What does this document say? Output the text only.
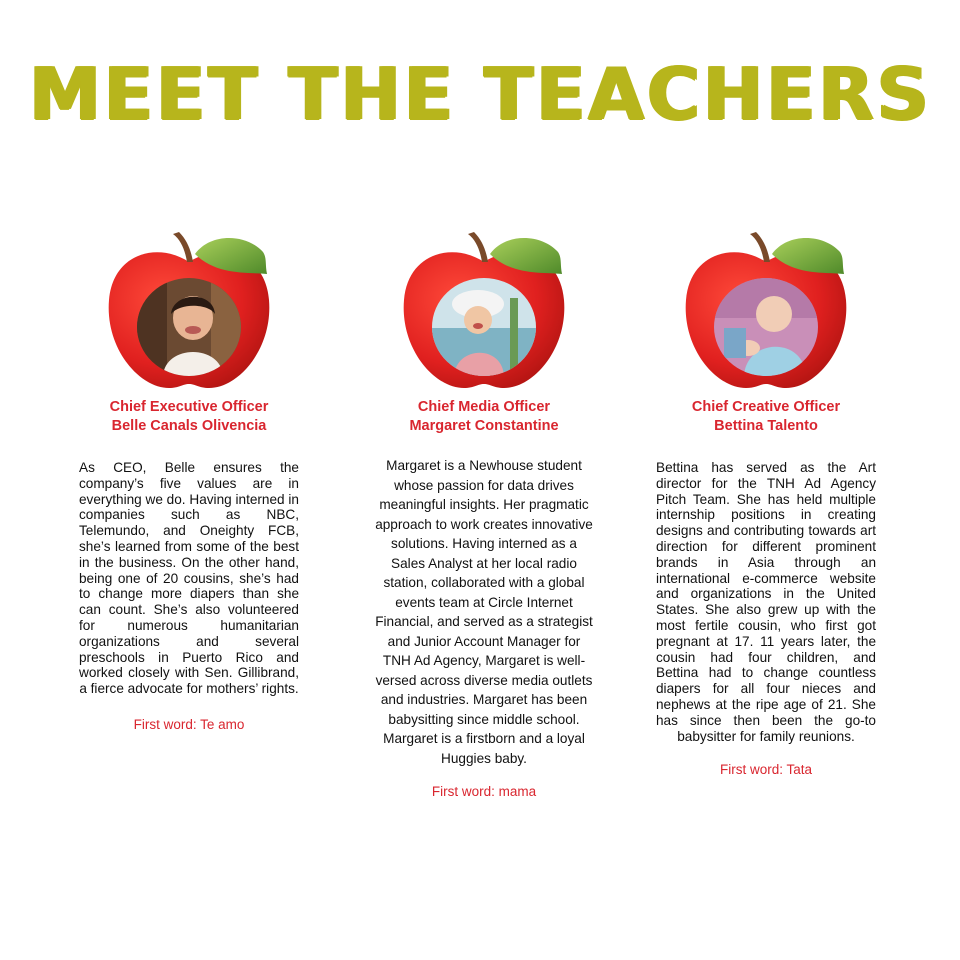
MEET THE TEACHERS
Chief Executive Officer
Belle Canals Olivencia

As CEO, Belle ensures the company’s five values are in everything we do. Having interned in companies such as NBC, Telemundo, and Oneighty FCB, she’s learned from some of the best in the business. On the other hand, being one of 20 cousins, she’s had to change more diapers than she can count. She’s also volunteered for numerous humanitarian organizations and several preschools in Puerto Rico and worked closely with Sen. Gillibrand, a fierce advocate for mothers’ rights.

First word: Te amo
Chief Media Officer
Margaret Constantine

Margaret is a Newhouse student whose passion for data drives meaningful insights. Her pragmatic approach to work creates innovative solutions. Having interned as a Sales Analyst at her local radio station, collaborated with a global events team at Circle Internet Financial, and served as a strategist and Junior Account Manager for TNH Ad Agency, Margaret is well-versed across diverse media outlets and industries. Margaret has been babysitting since middle school. Margaret is a firstborn and a loyal Huggies baby.

First word: mama
Chief Creative Officer
Bettina Talento

Bettina has served as the Art director for the TNH Ad Agency Pitch Team. She has held multiple internship positions in creating designs and contributing towards art direction for different prominent brands in Asia through an international e-commerce website and organizations in the United States. She also grew up with the most fertile cousin, who first got pregnant at 17. 11 years later, the cousin had four children, and Bettina had to change countless diapers for all four nieces and nephews at the ripe age of 21. She has since then been the go-to babysitter for family reunions.

First word: Tata
